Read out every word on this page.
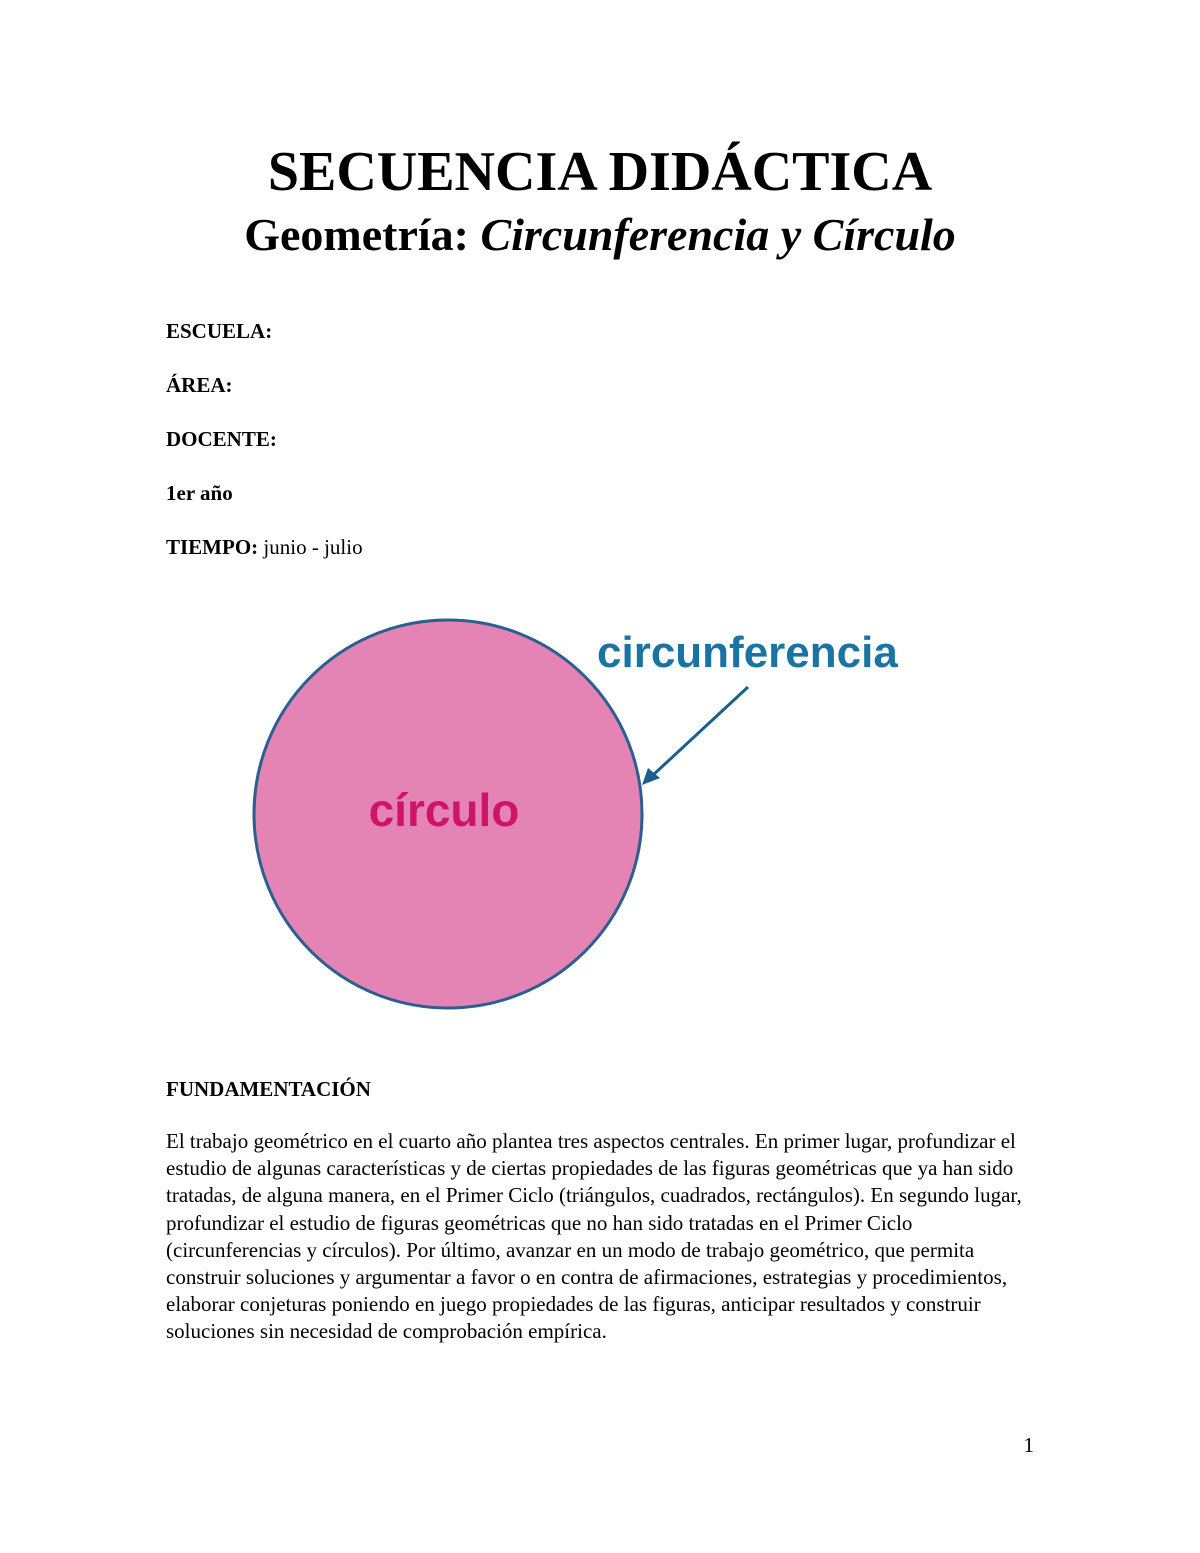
SECUENCIA DIDÁCTICA
Geometría: Circunferencia y Círculo

ESCUELA:

ÁREA:

DOCENTE:

1er año

TIEMPO: junio - julio

círculo
circunferencia

FUNDAMENTACIÓN

El trabajo geométrico en el cuarto año plantea tres aspectos centrales. En primer lugar, profundizar el estudio de algunas características y de ciertas propiedades de las figuras geométricas que ya han sido tratadas, de alguna manera, en el Primer Ciclo (triángulos, cuadrados, rectángulos). En segundo lugar, profundizar el estudio de figuras geométricas que no han sido tratadas en el Primer Ciclo (circunferencias y círculos). Por último, avanzar en un modo de trabajo geométrico, que permita construir soluciones y argumentar a favor o en contra de afirmaciones, estrategias y procedimientos, elaborar conjeturas poniendo en juego propiedades de las figuras, anticipar resultados y construir soluciones sin necesidad de comprobación empírica.

1
